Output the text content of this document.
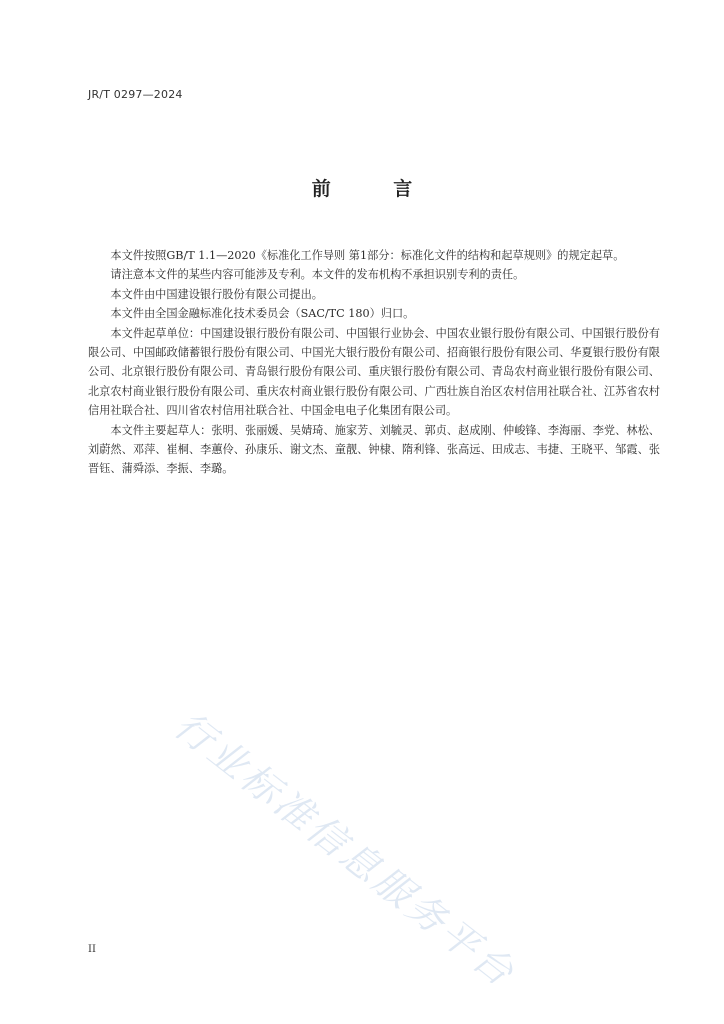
JR/T 0297—2024
前 言

本文件按照GB/T 1.1—2020《标准化工作导则 第1部分：标准化文件的结构和起草规则》的规定起草。

请注意本文件的某些内容可能涉及专利。本文件的发布机构不承担识别专利的责任。

本文件由中国建设银行股份有限公司提出。

本文件由全国金融标准化技术委员会（SAC/TC 180）归口。

本文件起草单位：中国建设银行股份有限公司、中国银行业协会、中国农业银行股份有限公司、中国银行股份有限公司、中国邮政储蓄银行股份有限公司、中国光大银行股份有限公司、招商银行股份有限公司、华夏银行股份有限公司、北京银行股份有限公司、青岛银行股份有限公司、重庆银行股份有限公司、青岛农村商业银行股份有限公司、北京农村商业银行股份有限公司、重庆农村商业银行股份有限公司、广西壮族自治区农村信用社联合社、江苏省农村信用社联合社、四川省农村信用社联合社、中国金电电子化集团有限公司。

本文件主要起草人：张明、张丽媛、吴婧琦、施家芳、刘毓灵、郭贞、赵成刚、仲峻锋、李海丽、李党、林松、刘蔚然、邓萍、崔桐、李蕙伶、孙康乐、谢文杰、童靓、钟棣、隋利锋、张高远、田成志、韦捷、王晓平、邹霞、张晋钰、蒲舜添、李振、李璐。

行业标准信息服务平台
II
